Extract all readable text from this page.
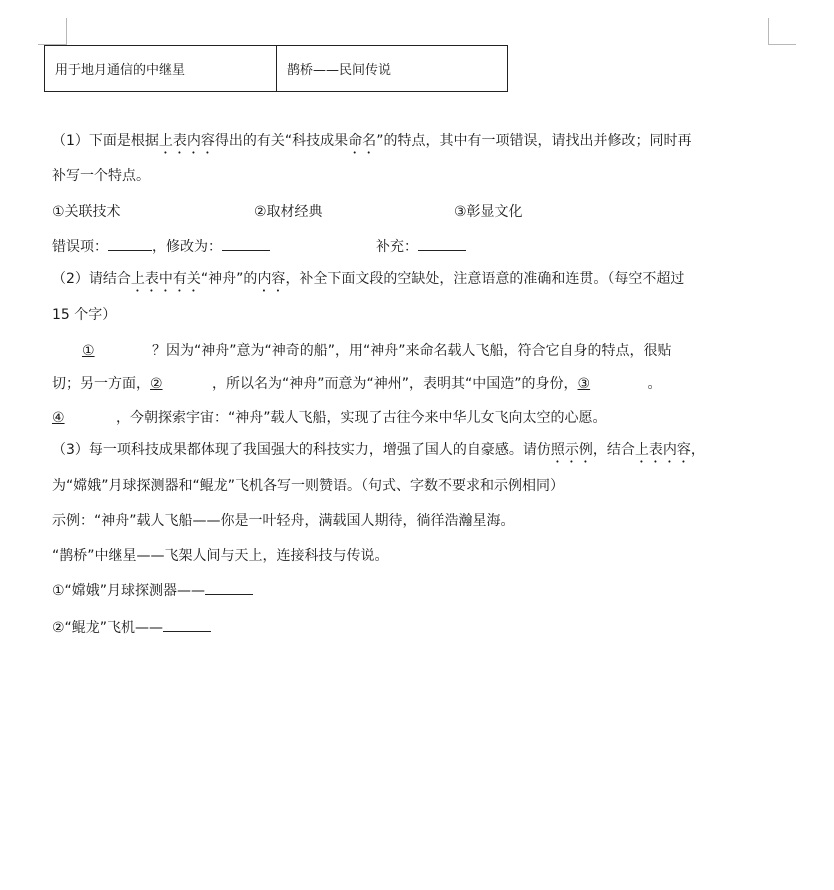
用于地月通信的中继星	鹊桥——民间传说
（1）下面是根据上表内容得出的有关“科技成果命名”的特点，其中有一项错误，请找出并修改；同时再
补写一个特点。
①关联技术	②取材经典	③彰显文化
错误项：	，修改为：	补充：
（2）请结合上表中有关“神舟”的内容，补全下面文段的空缺处，注意语意的准确和连贯。（每空不超过
15 个字）
①	？因为“神舟”意为“神奇的船”，用“神舟”来命名载人飞船，符合它自身的特点，很贴
切；另一方面，②	，所以名为“神舟”而意为“神州”，表明其“中国造”的身份，③	。
④	，今朝探索宇宙：“神舟”载人飞船，实现了古往今来中华儿女飞向太空的心愿。
（3）每一项科技成果都体现了我国强大的科技实力，增强了国人的自豪感。请仿照示例，结合上表内容，
为“嫦娥”月球探测器和“鲲龙”飞机各写一则赞语。（句式、字数不要求和示例相同）
示例：“神舟”载人飞船——你是一叶轻舟，满载国人期待，徜徉浩瀚星海。
“鹊桥”中继星——飞架人间与天上，连接科技与传说。
①“嫦娥”月球探测器——
②“鲲龙”飞机——
